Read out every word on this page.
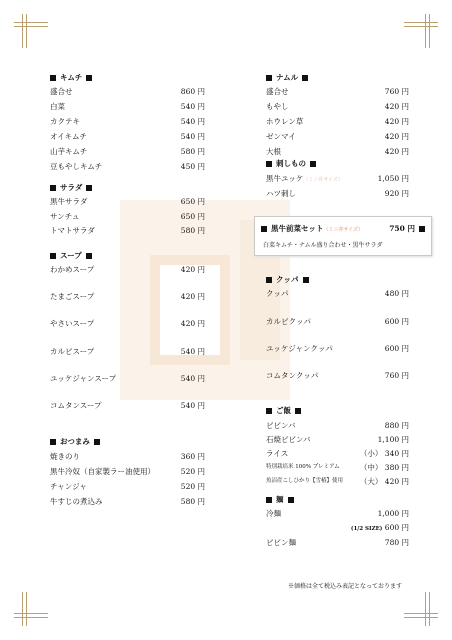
キムチ
盛合せ	860 円
白菜	540 円
カクテキ	540 円
オイキムチ	540 円
山芋キムチ	580 円
豆もやしキムチ	450 円
サラダ
黒牛サラダ	650 円
サンチュ	650 円
トマトサラダ	580 円
スープ
わかめスープ	420 円
たまごスープ	420 円
やさいスープ	420 円
カルビスープ	540 円
ユッケジャンスープ	540 円
コムタンスープ	540 円
おつまみ
焼きのり	360 円
黒牛冷奴（自家製ラー油使用）	520 円
チャンジャ	520 円
牛すじの煮込み	580 円
ナムル
盛合せ	760 円
もやし	420 円
ホウレン草	420 円
ゼンマイ	420 円
大根	420 円
刺しもの
黒牛ユッケ（ミニ丼サイズ）	1,050 円
ハツ刺し	920 円
黒牛前菜セット（ミニ丼サイズ）	750 円
白菜キムチ・ナムル盛り合わせ・黒牛サラダ
クッパ
クッパ	480 円
カルビクッパ	600 円
ユッケジャンクッパ	600 円
コムタンクッパ	760 円
ご飯
ビビンバ	880 円
石焼ビビンバ	1,100 円
ライス	（小） 340 円
特別栽培米 100% プレミアム	（中） 380 円
魚沼産こしひかり【雪椿】使用 （大） 420 円
麺
冷麺	1,000 円
(1/2 SIZE) 600 円
ビビン麺	780 円
※価格は全て税込み表記となっております
